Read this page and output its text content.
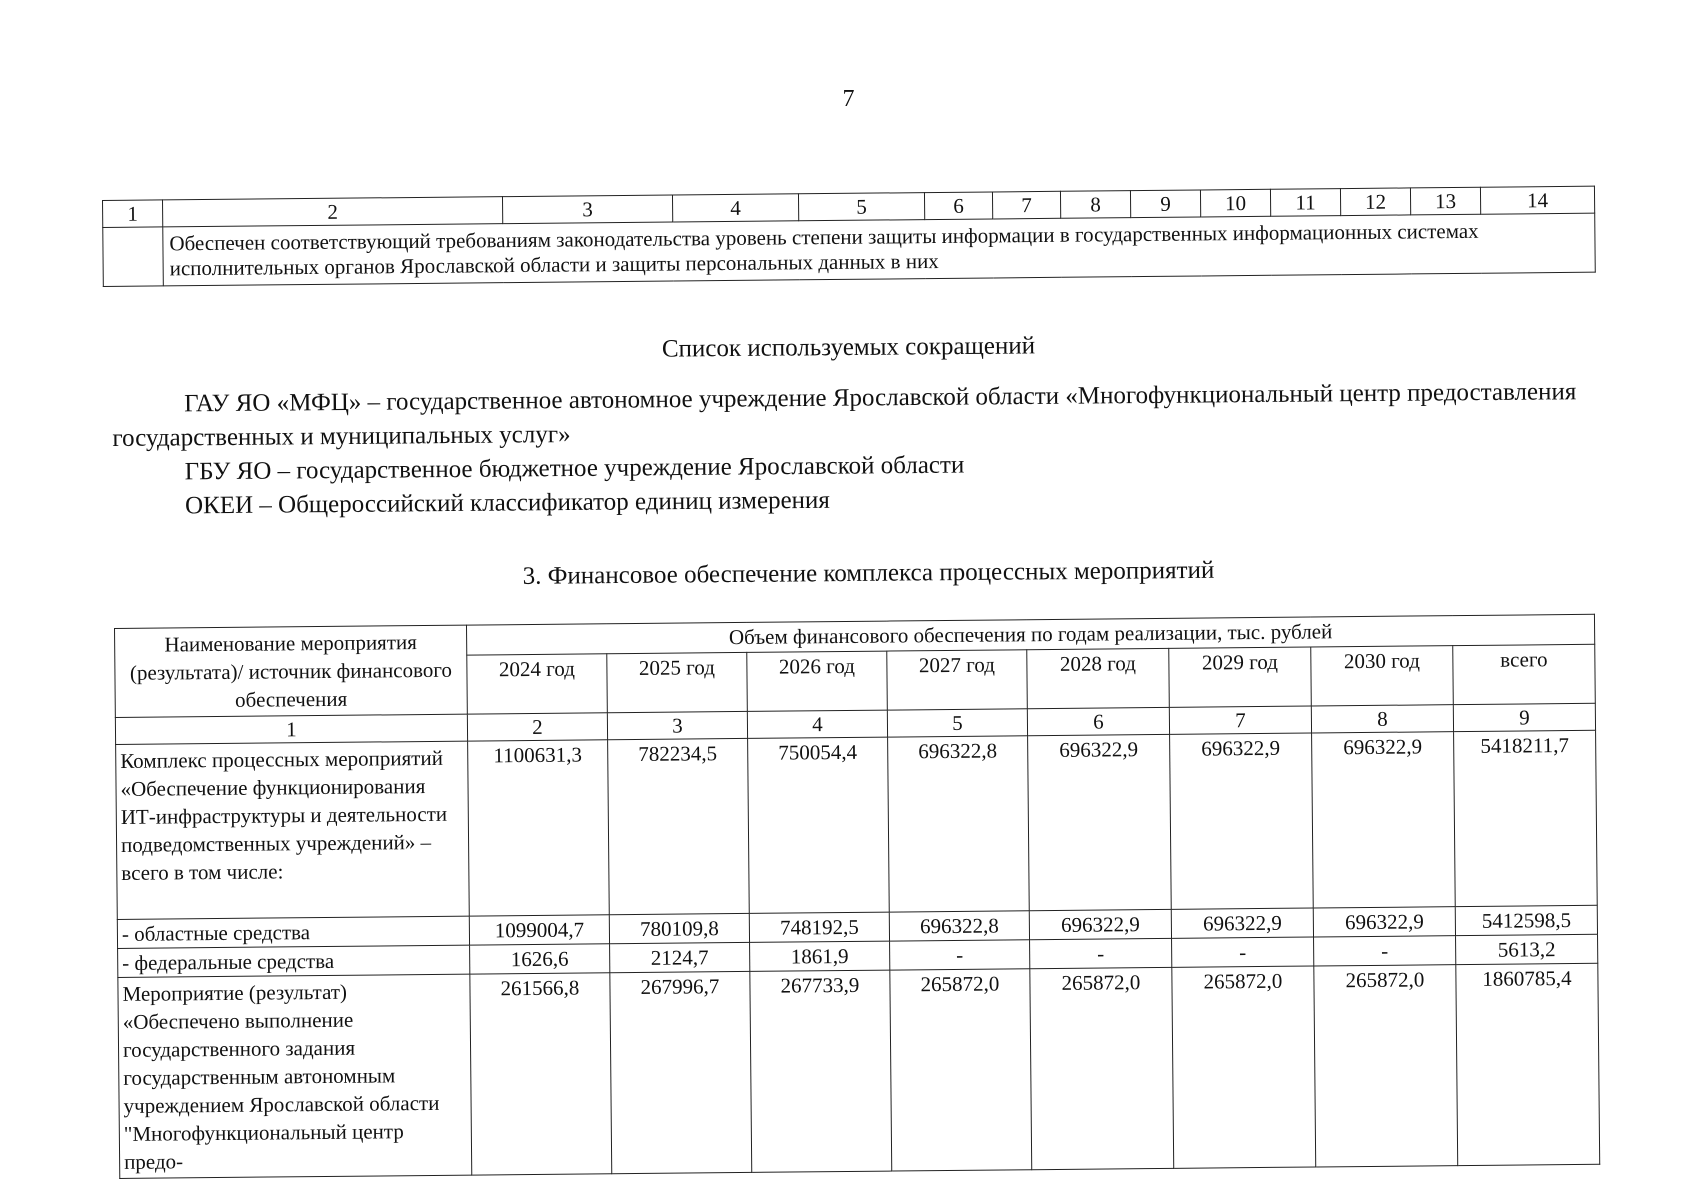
7
1	2	3	4	5	6	7	8	9	10	11	12	13	14

	Обеспечен соответствующий требованиям законодательства уровень степени защиты информации в государственных информационных системах исполнительных органов Ярославской области и защиты персональных данных в них												
Список используемых сокращений

ГАУ ЯО «МФЦ» – государственное автономное учреждение Ярославской области «Многофункциональный центр предоставления государственных и муниципальных услуг»

ГБУ ЯО – государственное бюджетное учреждение Ярославской области

ОКЕИ – Общероссийский классификатор единиц измерения

3. Финансовое обеспечение комплекса процессных мероприятий
Наименование мероприятия (результата)/ источник финансового обеспечения	Объем финансового обеспечения по годам реализации, тыс. рублей							
	2024 год	2025 год	2026 год	2027 год	2028 год	2029 год	2030 год	всего
1	2	3	4	5	6	7	8	9
Комплекс процессных мероприятий «Обеспечение функционирования ИТ-инфраструктуры и деятельности подведомственных учреждений» – всего в том числе:	1100631,3	782234,5	750054,4	696322,8	696322,9	696322,9	696322,9	5418211,7
- областные средства	1099004,7	780109,8	748192,5	696322,8	696322,9	696322,9	696322,9	5412598,5
- федеральные средства	1626,6	2124,7	1861,9	-	-	-	-	5613,2
Мероприятие (результат) «Обеспечено выполнение государственного задания государственным автономным учреждением Ярославской области "Многофункциональный центр предо-	261566,8	267996,7	267733,9	265872,0	265872,0	265872,0	265872,0	1860785,4
